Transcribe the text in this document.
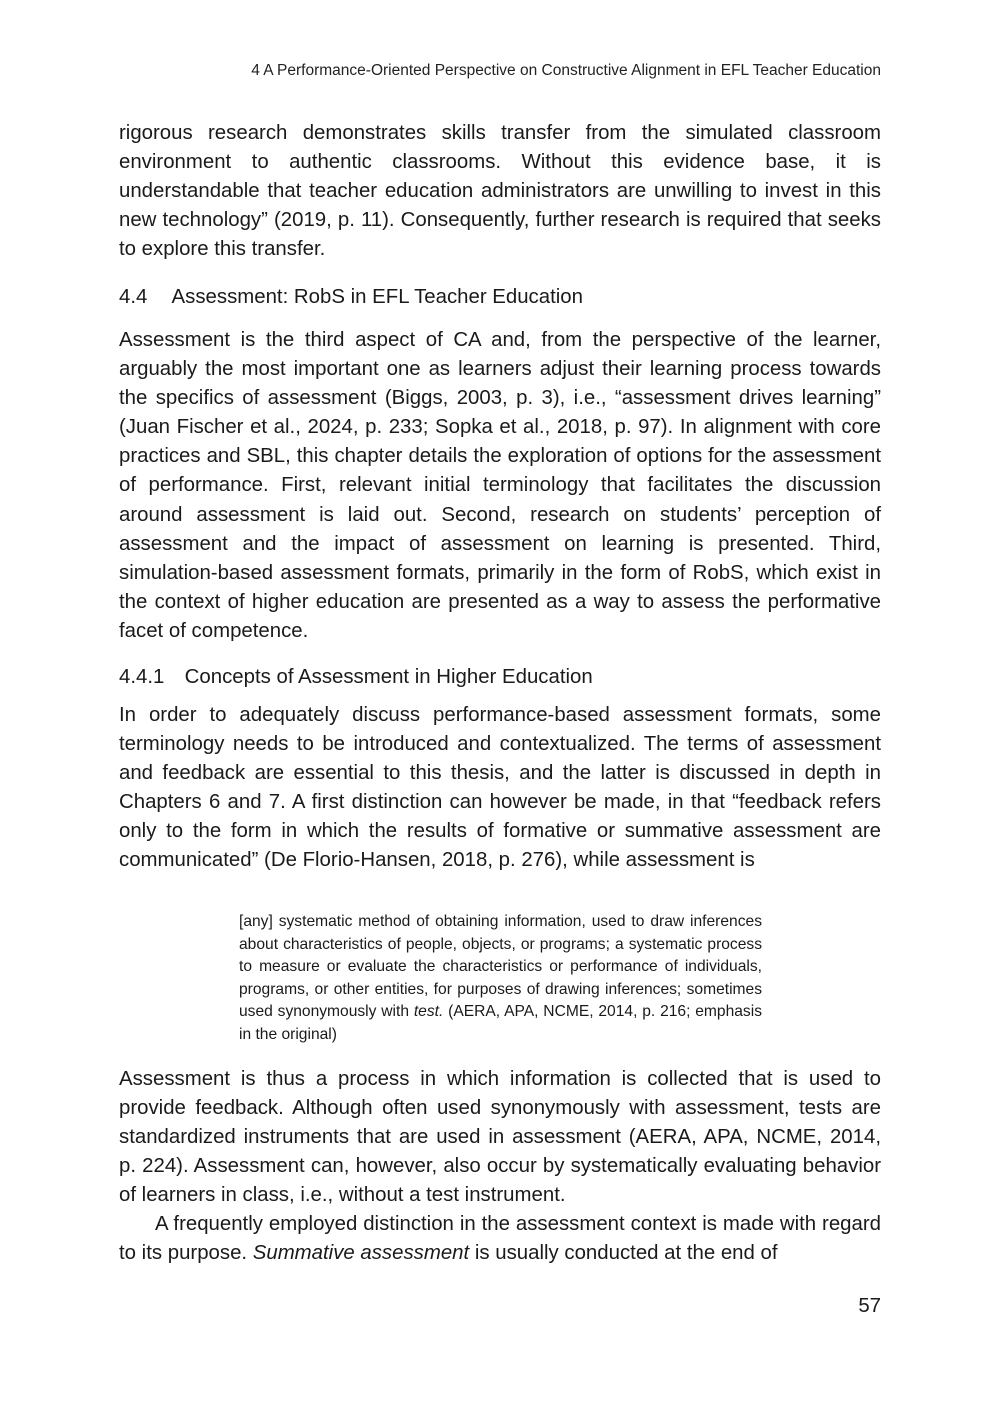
4 A Performance-Oriented Perspective on Constructive Alignment in EFL Teacher Education

rigorous research demonstrates skills transfer from the simulated classroom environment to authentic classrooms. Without this evidence base, it is understandable that teacher education administrators are unwilling to invest in this new technology” (2019, p. 11). Consequently, further research is required that seeks to explore this transfer.

4.4 Assessment: RobS in EFL Teacher Education

Assessment is the third aspect of CA and, from the perspective of the learner, arguably the most important one as learners adjust their learning process towards the specifics of assessment (Biggs, 2003, p. 3), i.e., “assessment drives learning” (Juan Fischer et al., 2024, p. 233; Sopka et al., 2018, p. 97). In alignment with core practices and SBL, this chapter details the exploration of options for the assessment of performance. First, relevant initial terminology that facilitates the discussion around assessment is laid out. Second, research on students’ perception of assessment and the impact of assessment on learning is presented. Third, simulation-based assessment formats, primarily in the form of RobS, which exist in the context of higher education are presented as a way to assess the performative facet of competence.

4.4.1 Concepts of Assessment in Higher Education

In order to adequately discuss performance-based assessment formats, some terminology needs to be introduced and contextualized. The terms of assessment and feedback are essential to this thesis, and the latter is discussed in depth in Chapters 6 and 7. A first distinction can however be made, in that “feedback refers only to the form in which the results of formative or summative assessment are communicated” (De Florio-Hansen, 2018, p. 276), while assessment is

[any] systematic method of obtaining information, used to draw inferences about characteristics of people, objects, or programs; a systematic process to measure or evaluate the characteristics or performance of individuals, programs, or other entities, for purposes of drawing inferences; sometimes used synonymously with test. (AERA, APA, NCME, 2014, p. 216; emphasis in the original)

Assessment is thus a process in which information is collected that is used to provide feedback. Although often used synonymously with assessment, tests are standardized instruments that are used in assessment (AERA, APA, NCME, 2014, p. 224). Assessment can, however, also occur by systematically evaluating behavior of learners in class, i.e., without a test instrument.

A frequently employed distinction in the assessment context is made with regard to its purpose. Summative assessment is usually conducted at the end of

57
